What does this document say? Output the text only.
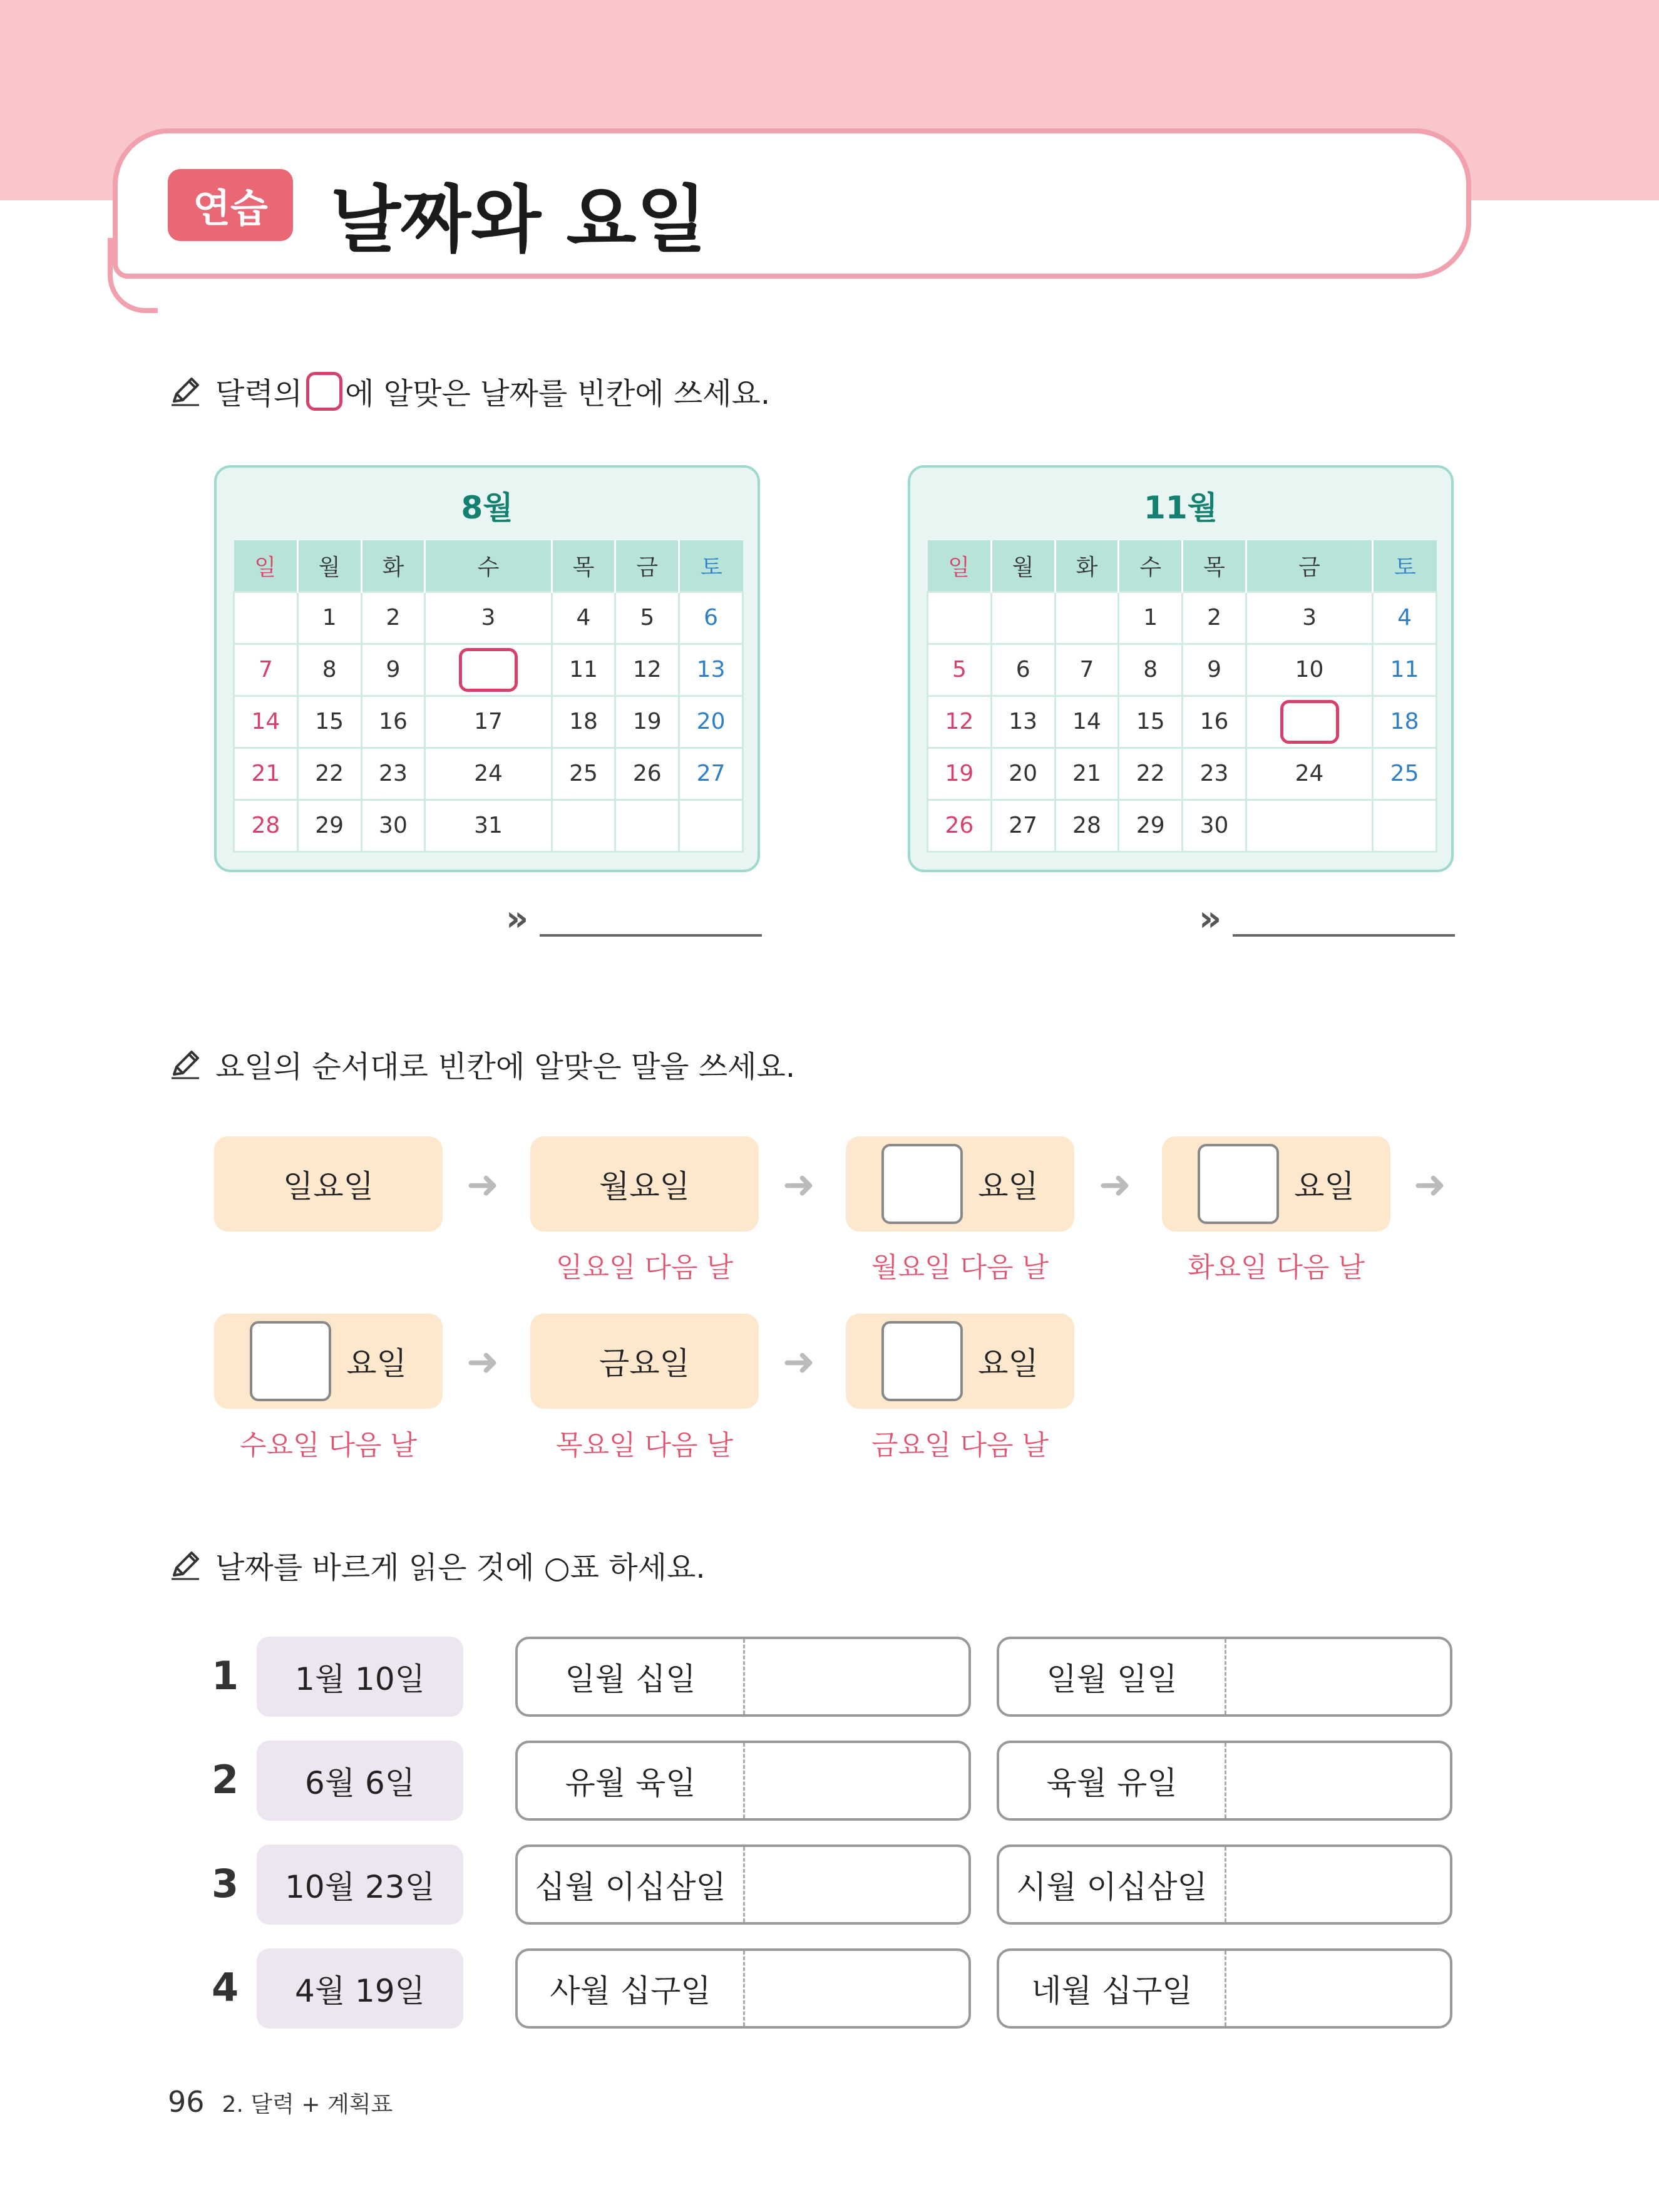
연습 날짜와 요일
달력의 에 알맞은 날짜를 빈칸에 쓰세요.
8월
일	월	화	수	목	금	토
	1	2	3	4	5	6
7	8	9		11	12	13
14	15	16	17	18	19	20
21	22	23	24	25	26	27
28	29	30	31			
11월
일	월	화	수	목	금	토
			1	2	3	4
5	6	7	8	9	10	11
12	13	14	15	16		18
19	20	21	22	23	24	25
26	27	28	29	30		
»	»
요일의 순서대로 빈칸에 알맞은 말을 쓰세요.
일요일 ➜	월요일 ➜	요일 ➜	요일 ➜
일요일 다음 날	월요일 다음 날	화요일 다음 날
요일 ➜	금요일 ➜	요일
수요일 다음 날	목요일 다음 날	금요일 다음 날
날짜를 바르게 읽은 것에 ○표 하세요.
1 1월 10일	일월 십일	일월 일일
2 6월 6일	유월 육일	육월 유일
3 10월 23일	십월 이십삼일	시월 이십삼일
4 4월 19일	사월 십구일	네월 십구일
96 2. 달력 + 계획표
